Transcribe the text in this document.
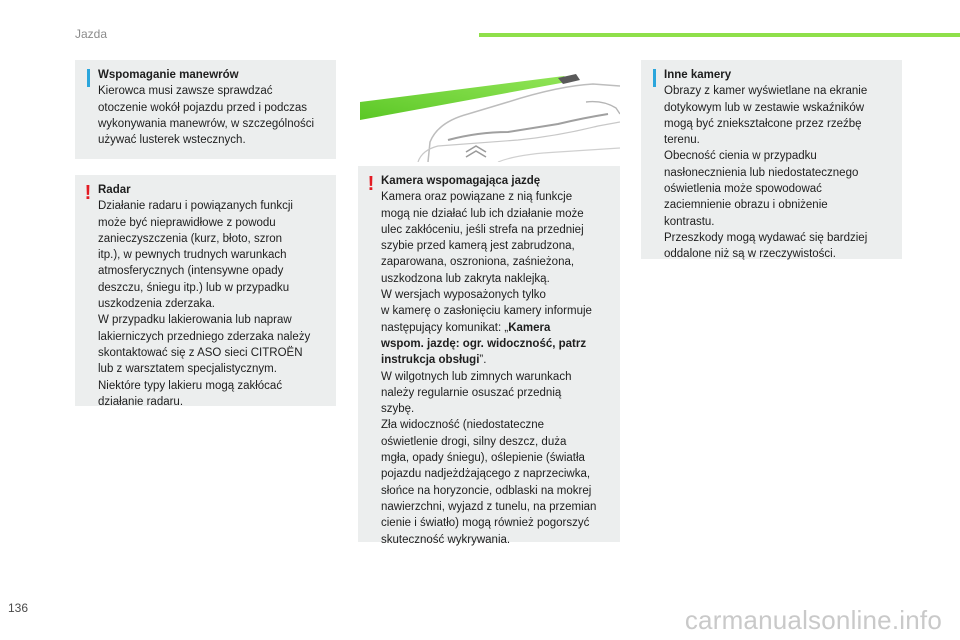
Jazda
Wspomaganie manewrów
Kierowca musi zawsze sprawdzać
otoczenie wokół pojazdu przed i podczas
wykonywania manewrów, w szczególności
używać lusterek wstecznych.
! Radar
Działanie radaru i powiązanych funkcji
może być nieprawidłowe z powodu
zanieczyszczenia (kurz, błoto, szron
itp.), w pewnych trudnych warunkach
atmosferycznych (intensywne opady
deszczu, śniegu itp.) lub w przypadku
uszkodzenia zderzaka.
W przypadku lakierowania lub napraw
lakierniczych przedniego zderzaka należy
skontaktować się z ASO sieci CITROËN
lub z warsztatem specjalistycznym.
Niektóre typy lakieru mogą zakłócać
działanie radaru.
! Kamera wspomagająca jazdę
Kamera oraz powiązane z nią funkcje
mogą nie działać lub ich działanie może
ulec zakłóceniu, jeśli strefa na przedniej
szybie przed kamerą jest zabrudzona,
zaparowana, oszroniona, zaśnieżona,
uszkodzona lub zakryta naklejką.
W wersjach wyposażonych tylko
w kamerę o zasłonięciu kamery informuje
następujący komunikat: „Kamera
wspom. jazdę: ogr. widoczność, patrz
instrukcja obsługi”.
W wilgotnych lub zimnych warunkach
należy regularnie osuszać przednią
szybę.
Zła widoczność (niedostateczne
oświetlenie drogi, silny deszcz, duża
mgła, opady śniegu), oślepienie (światła
pojazdu nadjeżdżającego z naprzeciwka,
słońce na horyzoncie, odblaski na mokrej
nawierzchni, wyjazd z tunelu, na przemian
cienie i światło) mogą również pogorszyć
skuteczność wykrywania.
Inne kamery
Obrazy z kamer wyświetlane na ekranie
dotykowym lub w zestawie wskaźników
mogą być zniekształcone przez rzeźbę
terenu.
Obecność cienia w przypadku
nasłonecznienia lub niedostatecznego
oświetlenia może spowodować
zaciemnienie obrazu i obniżenie
kontrastu.
Przeszkody mogą wydawać się bardziej
oddalone niż są w rzeczywistości.
136	carmanualsonline.info
